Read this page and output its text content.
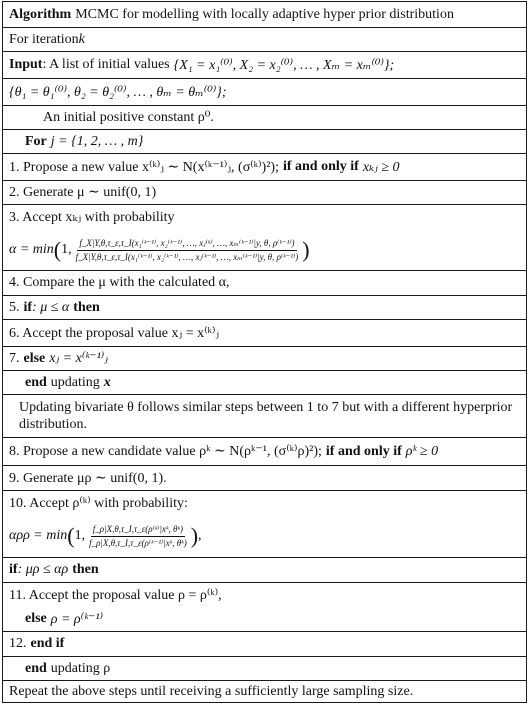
Algorithm MCMC for modelling with locally adaptive hyper prior distribution
For iteration k
Input : A list of initial values {X₁ = x₁⁽⁰⁾, X₂ = x₂⁽⁰⁾, … , Xₘ = xₘ⁽⁰⁾};
{θ₁ = θ₁⁽⁰⁾, θ₂ = θ₂⁽⁰⁾, … , θₘ = θₘ⁽⁰⁾};
An initial positive constant ρ⁰.
For j = {1, 2, … , m}
1. Propose a new value x⁽ᵏ⁾ⱼ ∼ N(x⁽ᵏ⁻¹⁾ⱼ, (σ⁽ᵏ⁾)²); if and only if xₖⱼ ≥ 0
2. Generate μ ∼ unif(0, 1)
3. Accept xₖⱼ with probability
α = min ( 1, f_X|Y,θ,τ_ε,τ_I(x₁⁽ᵏ⁻¹⁾, x₂⁽ᵏ⁻¹⁾, …, xⱼ⁽ᵏ⁾, …, xₘ⁽ᵏ⁻¹⁾|y, θ, ρ⁽ᵏ⁻¹⁾)
f_X|Y,θ,τ_ε,τ_I(x₁⁽ᵏ⁻¹⁾, x₂⁽ᵏ⁻¹⁾, …, xⱼ⁽ᵏ⁻¹⁾, …, xₘ⁽ᵏ⁻¹⁾|y, θ, ρ⁽ᵏ⁻¹⁾) )
4. Compare the μ with the calculated α,
5. if : μ ≤ α then
6. Accept the proposal value xⱼ = x⁽ᵏ⁾ⱼ
7. else xⱼ = x⁽ᵏ⁻¹⁾ⱼ
end updating x
Updating bivariate θ follows similar steps between 1 to 7 but with a different hyperprior distribution.
8. Propose a new candidate value ρᵏ ∼ N(ρᵏ⁻¹, (σ⁽ᵏ⁾ρ)²); if and only if ρᵏ ≥ 0
9. Generate μρ ∼ unif(0, 1).
10. Accept ρ⁽ᵏ⁾ with probability:
αρρ = min ( 1, $\frac{\text{f\_ρ|X,θ,τ\_I,τ\_ε(ρ⁽ᵏ⁾|xᵏ, θᵏ)}}{\text{f\_ρ|X,θ,τ\_I,τ\_ε(ρ⁽ᵏ⁻¹⁾|xᵏ, θᵏ)}}$ ) ,
if : μρ ≤ αρ then
11. Accept the proposal value ρ = ρ⁽ᵏ⁾,
else ρ = ρ⁽ᵏ⁻¹⁾
12. end if
end updating ρ
Repeat the above steps until receiving a sufficiently large sampling size.
